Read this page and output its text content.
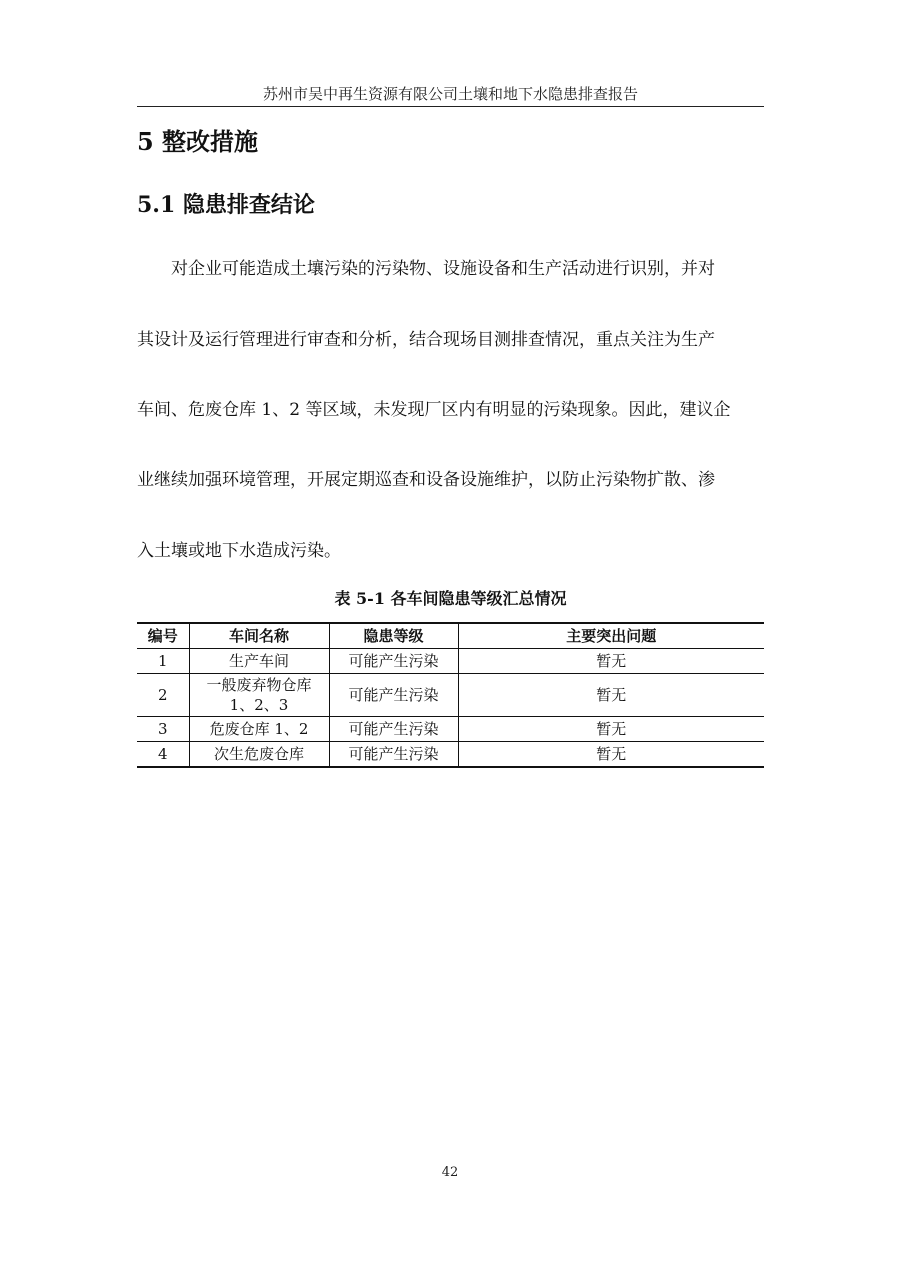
苏州市吴中再生资源有限公司土壤和地下水隐患排查报告
5 整改措施
5.1 隐患排查结论
对企业可能造成土壤污染的污染物、设施设备和生产活动进行识别，并对
其设计及运行管理进行审查和分析，结合现场目测排查情况，重点关注为生产
车间、危废仓库 1、2 等区域，未发现厂区内有明显的污染现象。因此，建议企
业继续加强环境管理，开展定期巡查和设备设施维护，以防止污染物扩散、渗
入土壤或地下水造成污染。
表 5-1 各车间隐患等级汇总情况
编号	车间名称	隐患等级	主要突出问题
1	生产车间	可能产生污染	暂无
2	一般废弃物仓库
1、2、3	可能产生污染	暂无
3	危废仓库 1、2	可能产生污染	暂无
4	次生危废仓库	可能产生污染	暂无
42
